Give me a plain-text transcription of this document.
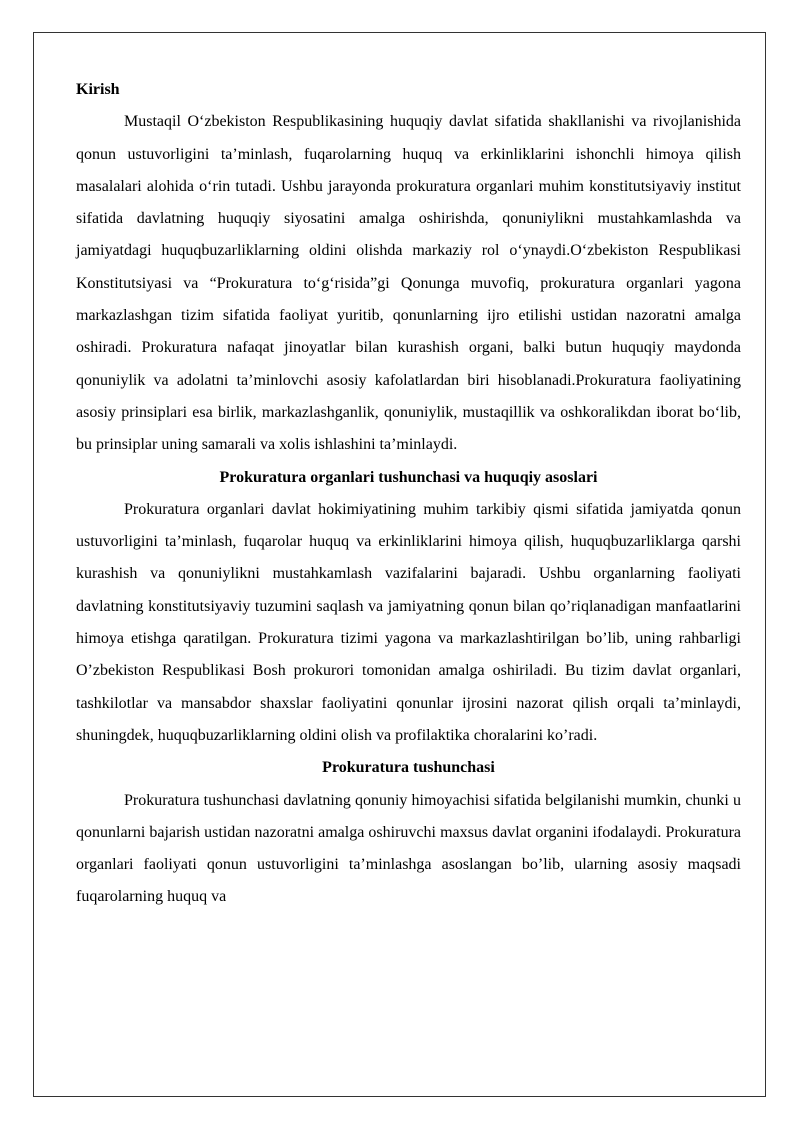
Kirish

Mustaqil O‘zbekiston Respublikasining huquqiy davlat sifatida shakllanishi va rivojlanishida qonun ustuvorligini ta’minlash, fuqarolarning huquq va erkinliklarini ishonchli himoya qilish masalalari alohida o‘rin tutadi. Ushbu jarayonda prokuratura organlari muhim konstitutsiyaviy institut sifatida davlatning huquqiy siyosatini amalga oshirishda, qonuniylikni mustahkamlashda va jamiyatdagi huquqbuzarliklarning oldini olishda markaziy rol o‘ynaydi.O‘zbekiston Respublikasi Konstitutsiyasi va “Prokuratura to‘g‘risida”gi Qonunga muvofiq, prokuratura organlari yagona markazlashgan tizim sifatida faoliyat yuritib, qonunlarning ijro etilishi ustidan nazoratni amalga oshiradi. Prokuratura nafaqat jinoyatlar bilan kurashish organi, balki butun huquqiy maydonda qonuniylik va adolatni ta’minlovchi asosiy kafolatlardan biri hisoblanadi.Prokuratura faoliyatining asosiy prinsiplari esa birlik, markazlashganlik, qonuniylik, mustaqillik va oshkoralikdan iborat bo‘lib, bu prinsiplar uning samarali va xolis ishlashini ta’minlaydi.

Prokuratura organlari tushunchasi va huquqiy asoslari

Prokuratura organlari davlat hokimiyatining muhim tarkibiy qismi sifatida jamiyatda qonun ustuvorligini ta’minlash, fuqarolar huquq va erkinliklarini himoya qilish, huquqbuzarliklarga qarshi kurashish va qonuniylikni mustahkamlash vazifalarini bajaradi. Ushbu organlarning faoliyati davlatning konstitutsiyaviy tuzumini saqlash va jamiyatning qonun bilan qo’riqlanadigan manfaatlarini himoya etishga qaratilgan. Prokuratura tizimi yagona va markazlashtirilgan bo’lib, uning rahbarligi O’zbekiston Respublikasi Bosh prokurori tomonidan amalga oshiriladi. Bu tizim davlat organlari, tashkilotlar va mansabdor shaxslar faoliyatini qonunlar ijrosini nazorat qilish orqali ta’minlaydi, shuningdek, huquqbuzarliklarning oldini olish va profilaktika choralarini ko’radi.

Prokuratura tushunchasi

Prokuratura tushunchasi davlatning qonuniy himoyachisi sifatida belgilanishi mumkin, chunki u qonunlarni bajarish ustidan nazoratni amalga oshiruvchi maxsus davlat organini ifodalaydi. Prokuratura organlari faoliyati qonun ustuvorligini ta’minlashga asoslangan bo’lib, ularning asosiy maqsadi fuqarolarning huquq va
